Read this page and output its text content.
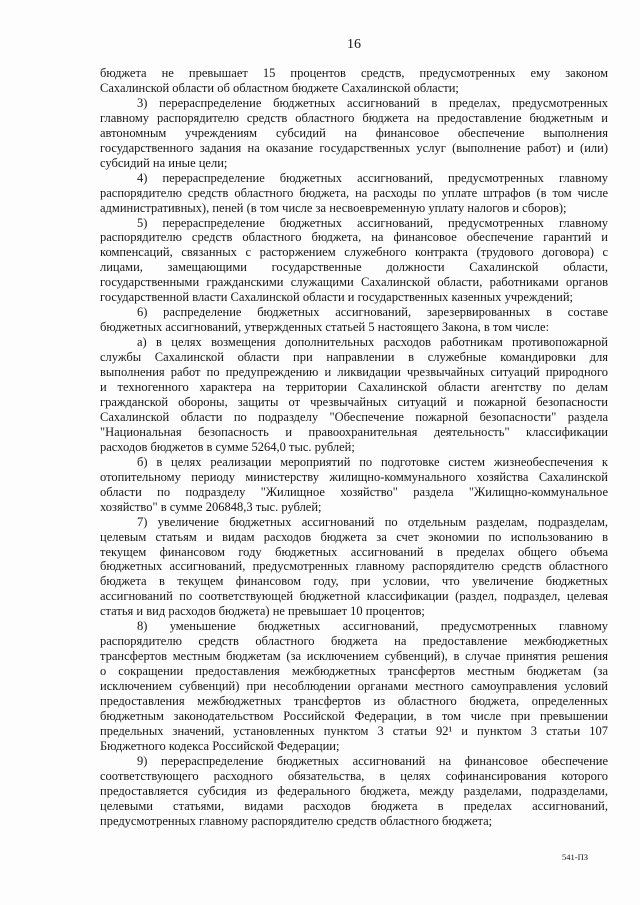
16
бюджета не превышает 15 процентов средств, предусмотренных ему законом
Сахалинской области об областном бюджете Сахалинской области;
3) перераспределение бюджетных ассигнований в пределах, предусмотренных
главному распорядителю средств областного бюджета на предоставление бюджетным и
автономным учреждениям субсидий на финансовое обеспечение выполнения
государственного задания на оказание государственных услуг (выполнение работ) и (или)
субсидий на иные цели;
4) перераспределение бюджетных ассигнований, предусмотренных главному
распорядителю средств областного бюджета, на расходы по уплате штрафов (в том числе
административных), пеней (в том числе за несвоевременную уплату налогов и сборов);
5) перераспределение бюджетных ассигнований, предусмотренных главному
распорядителю средств областного бюджета, на финансовое обеспечение гарантий и
компенсаций, связанных с расторжением служебного контракта (трудового договора) с
лицами, замещающими государственные должности Сахалинской области,
государственными гражданскими служащими Сахалинской области, работниками органов
государственной власти Сахалинской области и государственных казенных учреждений;
6) распределение бюджетных ассигнований, зарезервированных в составе
бюджетных ассигнований, утвержденных статьей 5 настоящего Закона, в том числе:
а) в целях возмещения дополнительных расходов работникам противопожарной
службы Сахалинской области при направлении в служебные командировки для
выполнения работ по предупреждению и ликвидации чрезвычайных ситуаций природного
и техногенного характера на территории Сахалинской области агентству по делам
гражданской обороны, защиты от чрезвычайных ситуаций и пожарной безопасности
Сахалинской области по подразделу "Обеспечение пожарной безопасности" раздела
"Национальная безопасность и правоохранительная деятельность" классификации
расходов бюджетов в сумме 5264,0 тыс. рублей;
б) в целях реализации мероприятий по подготовке систем жизнеобеспечения к
отопительному периоду министерству жилищно-коммунального хозяйства Сахалинской
области по подразделу "Жилищное хозяйство" раздела "Жилищно-коммунальное
хозяйство" в сумме 206848,3 тыс. рублей;
7) увеличение бюджетных ассигнований по отдельным разделам, подразделам,
целевым статьям и видам расходов бюджета за счет экономии по использованию в
текущем финансовом году бюджетных ассигнований в пределах общего объема
бюджетных ассигнований, предусмотренных главному распорядителю средств областного
бюджета в текущем финансовом году, при условии, что увеличение бюджетных
ассигнований по соответствующей бюджетной классификации (раздел, подраздел, целевая
статья и вид расходов бюджета) не превышает 10 процентов;
8) уменьшение бюджетных ассигнований, предусмотренных главному
распорядителю средств областного бюджета на предоставление межбюджетных
трансфертов местным бюджетам (за исключением субвенций), в случае принятия решения
о сокращении предоставления межбюджетных трансфертов местным бюджетам (за
исключением субвенций) при несоблюдении органами местного самоуправления условий
предоставления межбюджетных трансфертов из областного бюджета, определенных
бюджетным законодательством Российской Федерации, в том числе при превышении
предельных значений, установленных пунктом 3 статьи 92¹ и пунктом 3 статьи 107
Бюджетного кодекса Российской Федерации;
9) перераспределение бюджетных ассигнований на финансовое обеспечение
соответствующего расходного обязательства, в целях софинансирования которого
предоставляется субсидия из федерального бюджета, между разделами, подразделами,
целевыми статьями, видами расходов бюджета в пределах ассигнований,
предусмотренных главному распорядителю средств областного бюджета;
541-ПЗ
